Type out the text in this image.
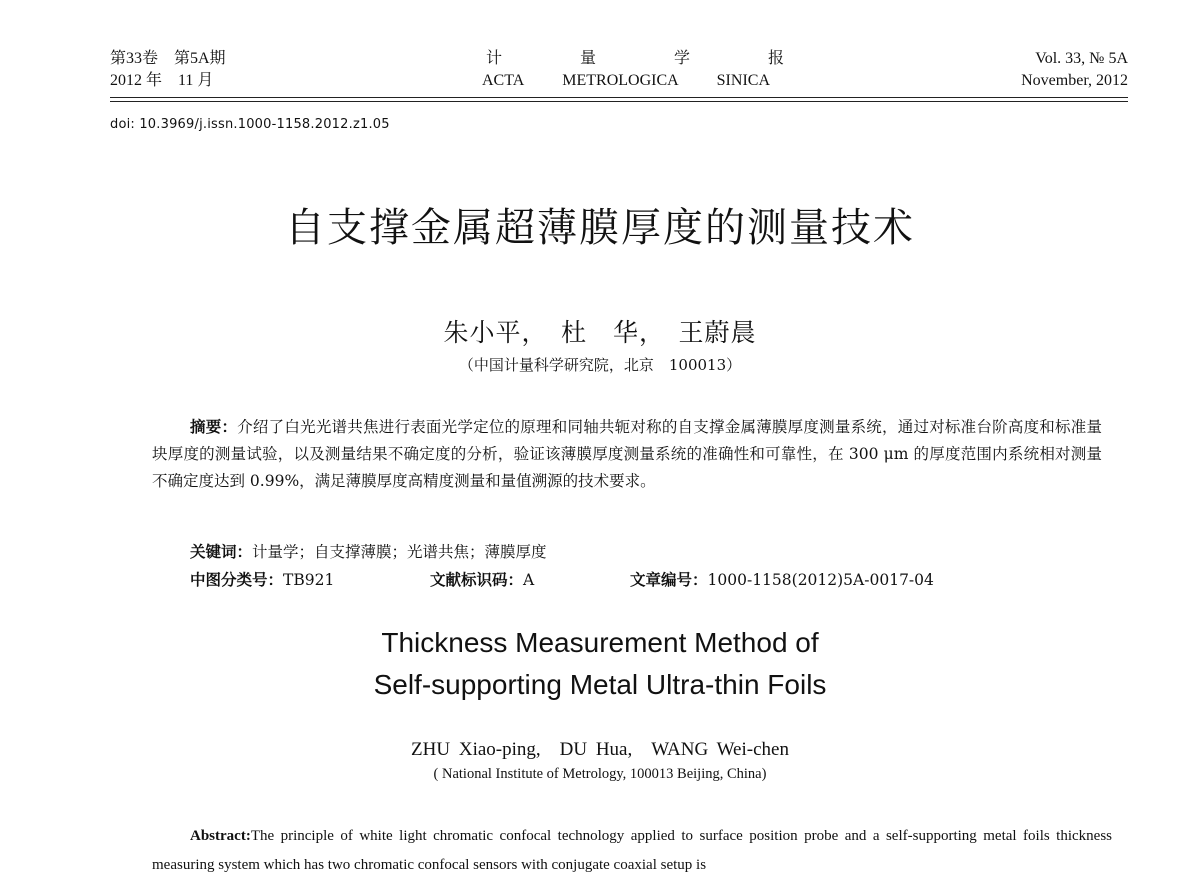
第33卷　第5A期
2012 年　11 月
计	量	学	报
ACTA METROLOGICA SINICA
Vol. 33, № 5A
November, 2012
doi: 10.3969/j.issn.1000-1158.2012.z1.05
自支撑金属超薄膜厚度的测量技术
朱小平，　杜　华，　王蔚晨
（中国计量科学研究院，北京　100013）
摘要：介绍了白光光谱共焦进行表面光学定位的原理和同轴共轭对称的自支撑金属薄膜厚度测量系统，通过对标准台阶高度和标准量块厚度的测量试验，以及测量结果不确定度的分析，验证该薄膜厚度测量系统的准确性和可靠性，在 300 μm 的厚度范围内系统相对测量不确定度达到 0.99%，满足薄膜厚度高精度测量和量值溯源的技术要求。
关键词：计量学；自支撑薄膜；光谱共焦；薄膜厚度
中图分类号：TB921	文献标识码：A	文章编号：1000-1158(2012)5A-0017-04
Thickness Measurement Method of
Self-supporting Metal Ultra-thin Foils
ZHU Xiao-ping,　DU Hua,　WANG Wei-chen
( National Institute of Metrology, 100013 Beijing, China)
Abstract:The principle of white light chromatic confocal technology applied to surface position probe and a self-supporting metal foils thickness measuring system which has two chromatic confocal sensors with conjugate coaxial setup is
